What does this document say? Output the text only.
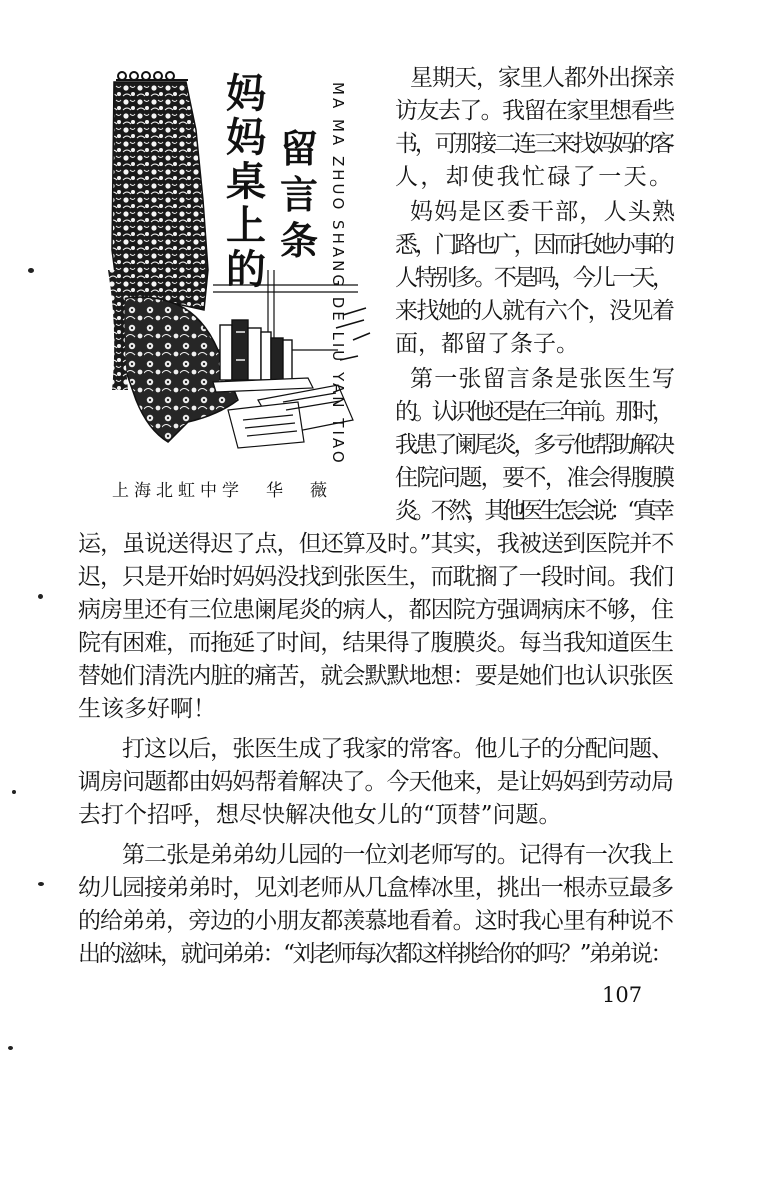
妈
妈
桌
上
的
留
言
条 MA MA ZHUO SHANG DE LIU YAN TIAO
上海北虹中学　华　薇
星期天，家里人都外出探亲
访友去了。我留在家里想看些
书，可那接二连三来找妈妈的客
人，却使我忙碌了一天。
妈妈是区委干部，人头熟
悉，门路也广，因而托她办事的
人特别多。不是吗，今儿一天，
来找她的人就有六个，没见着
面，都留了条子。
第一张留言条是张医生写
的。认识他还是在三年前。那时，
我患了阑尾炎，多亏他帮助解决
住院问题，要不，准会得腹膜
炎。不然，其他医生怎会说：“真幸
运，虽说送得迟了点，但还算及时。”其实，我被送到医院并不
迟，只是开始时妈妈没找到张医生，而耽搁了一段时间。我们
病房里还有三位患阑尾炎的病人，都因院方强调病床不够，住
院有困难，而拖延了时间，结果得了腹膜炎。每当我知道医生
替她们清洗内脏的痛苦，就会默默地想：要是她们也认识张医
生该多好啊！
打这以后，张医生成了我家的常客。他儿子的分配问题、
调房问题都由妈妈帮着解决了。今天他来，是让妈妈到劳动局
去打个招呼，想尽快解决他女儿的“顶替”问题。
第二张是弟弟幼儿园的一位刘老师写的。记得有一次我上
幼儿园接弟弟时，见刘老师从几盒棒冰里，挑出一根赤豆最多
的给弟弟，旁边的小朋友都羡慕地看着。这时我心里有种说不
出的滋味，就问弟弟：“刘老师每次都这样挑给你的吗？”弟弟说：
107
